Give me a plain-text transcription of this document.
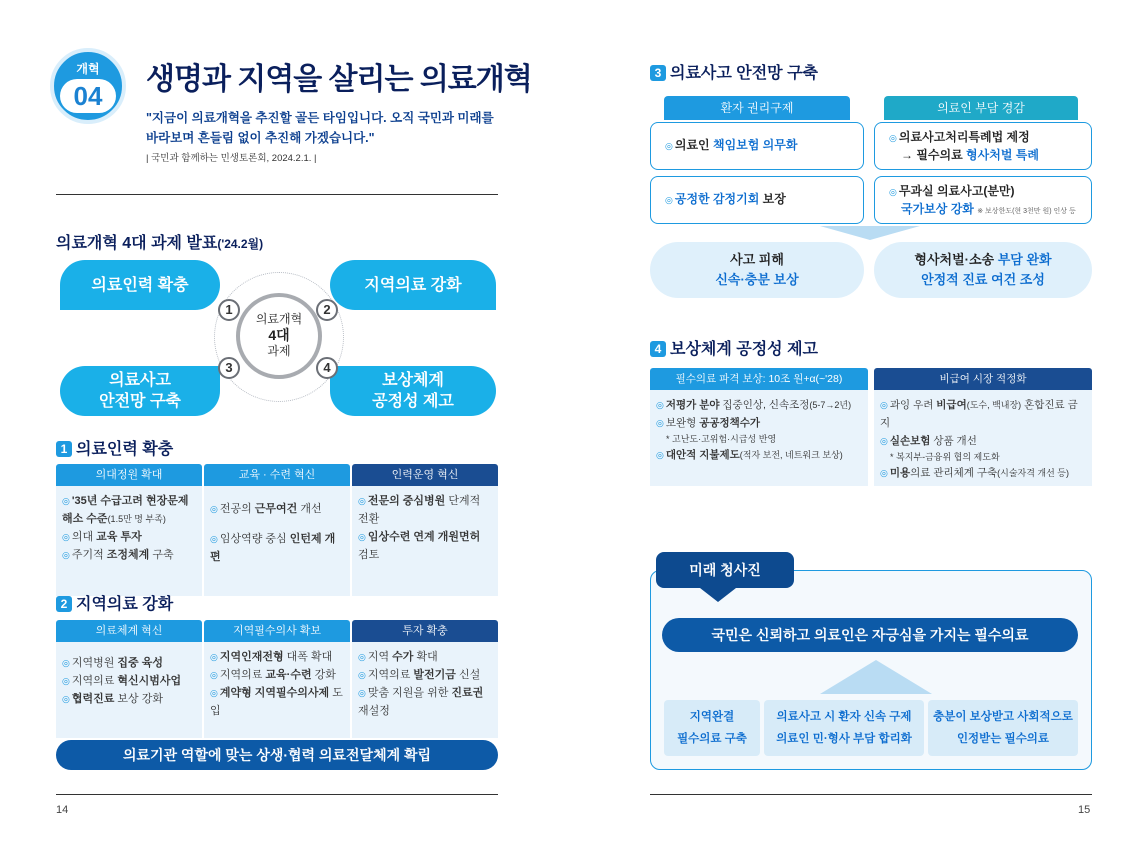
개혁
04	생명과 지역을 살리는 의료개혁
"지금이 의료개혁을 추진할 골든 타임입니다. 오직 국민과 미래를 바라보며 흔들림 없이 추진해 가겠습니다."
| 국민과 함께하는 민생토론회, 2024.2.1. |
의료개혁 4대 과제 발표('24.2월)
의료인력 확충	지역의료 강화
의료사고
안전망 구축
보상체계
공정성 제고
의료개혁
4대
과제
1	2
3	4
1 의료인력 확충
의대정원 확대
◎ '35년 수급고려 현장문제
해소 수준(1.5만 명 부족)
◎ 의대 교육 투자
◎ 주기적 조정체계 구축
교육 · 수련 혁신
◎ 전공의 근무여건 개선
◎ 임상역량 중심 인턴제 개편
인력운영 혁신
◎ 전문의 중심병원 단계적 전환
◎ 임상수련 연계 개원면허 검토
2 지역의료 강화
의료체계 혁신
◎ 지역병원 집중 육성
◎ 지역의료 혁신시범사업
◎ 협력진료 보상 강화
지역필수의사 확보
◎ 지역인재전형 대폭 확대
◎ 지역의료 교육·수련 강화
◎ 계약형 지역필수의사제 도입
투자 확충
◎ 지역 수가 확대
◎ 지역의료 발전기금 신설
◎ 맞춤 지원을 위한 진료권 재설정
의료기관 역할에 맞는 상생·협력 의료전달체계 확립
14
3 의료사고 안전망 구축
환자 권리구제	의료인 부담 경감
◎ 의료인 책임보험 의무화
◎ 공정한 감정기회 보장
◎ 의료사고처리특례법 제정
→ 필수의료 형사처벌 특례
◎ 무과실 의료사고(분만)
국가보상 강화 ※ 보상한도(현 3천만 원) 인상 등
사고 피해
신속·충분 보상
형사처벌·소송 부담 완화
안정적 진료 여건 조성
4 보상체계 공정성 제고
필수의료 파격 보상: 10조 원+α(~'28)
◎ 저평가 분야 집중인상, 신속조정(5-7→2년)
◎ 보완형 공공정책수가
* 고난도·고위험·시급성 반영
◎ 대안적 지불제도(적자 보전, 네트워크 보상)
비급여 시장 적정화
◎ 과잉 우려 비급여(도수, 백내장) 혼합진료 금지
◎ 실손보험 상품 개선
* 복지부-금융위 협의 제도화
◎ 미용의료 관리체계 구축(시술자격 개선 등)
미래 청사진
국민은 신뢰하고 의료인은 자긍심을 가지는 필수의료
지역완결
필수의료 구축
의료사고 시 환자 신속 구제
의료인 민·형사 부담 합리화
충분이 보상받고 사회적으로
인정받는 필수의료
15
